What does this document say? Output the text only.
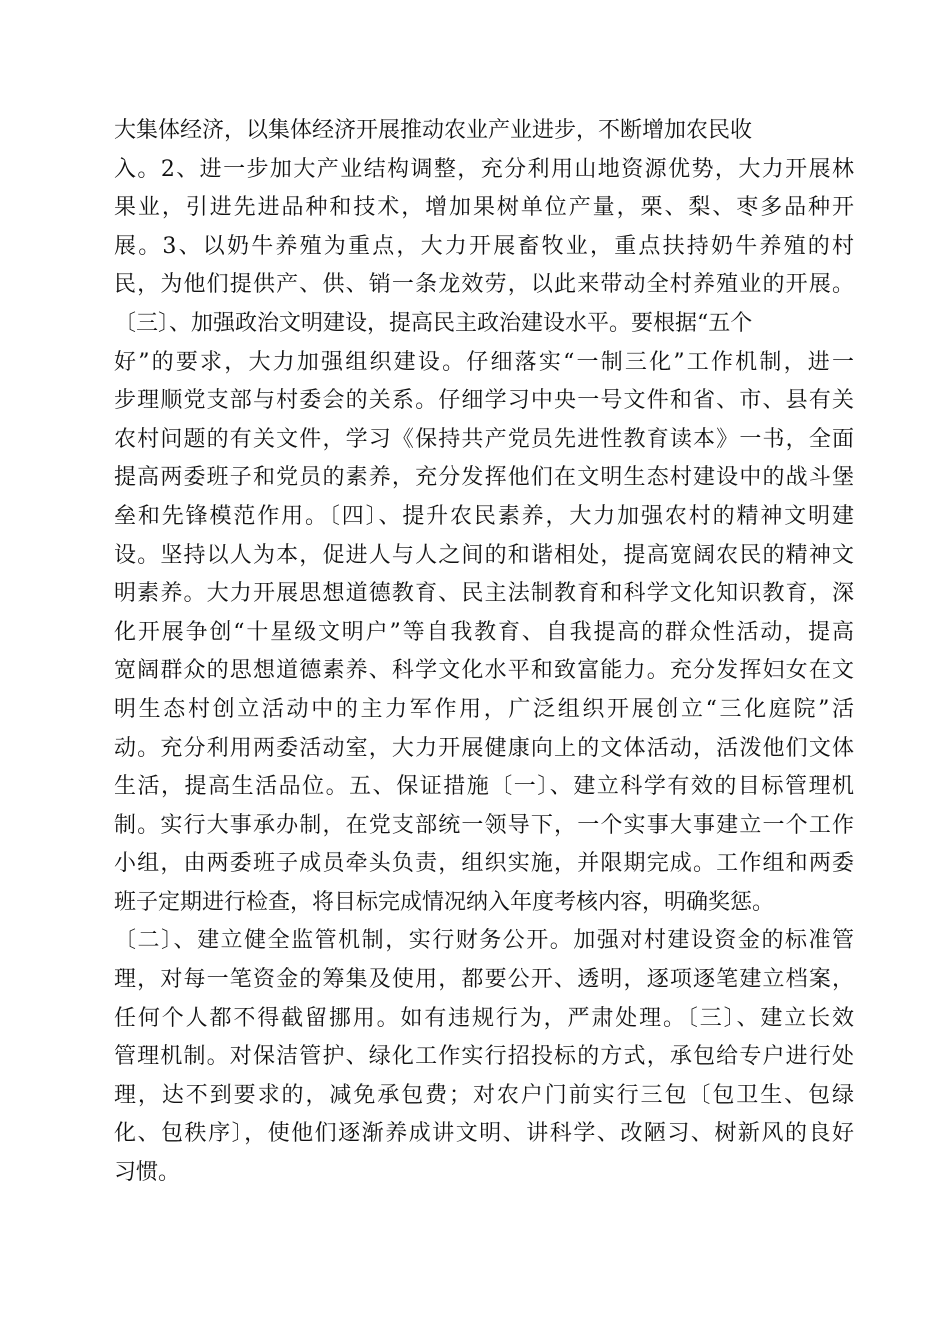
大集体经济，以集体经济开展推动农业产业进步，不断增加农民收
入。2、进一步加大产业结构调整，充分利用山地资源优势，大力开展林
果业，引进先进品种和技术，增加果树单位产量，栗、梨、枣多品种开
展。3、以奶牛养殖为重点，大力开展畜牧业，重点扶持奶牛养殖的村
民，为他们提供产、供、销一条龙效劳，以此来带动全村养殖业的开展。
〔三〕、加强政治文明建设，提高民主政治建设水平。要根据“五个
好”的要求，大力加强组织建设。仔细落实“一制三化”工作机制，进一
步理顺党支部与村委会的关系。仔细学习中央一号文件和省、市、县有关
农村问题的有关文件，学习《保持共产党员先进性教育读本》一书，全面
提高两委班子和党员的素养，充分发挥他们在文明生态村建设中的战斗堡
垒和先锋模范作用。〔四〕、提升农民素养，大力加强农村的精神文明建
设。坚持以人为本，促进人与人之间的和谐相处，提高宽阔农民的精神文
明素养。大力开展思想道德教育、民主法制教育和科学文化知识教育，深
化开展争创“十星级文明户”等自我教育、自我提高的群众性活动，提高
宽阔群众的思想道德素养、科学文化水平和致富能力。充分发挥妇女在文
明生态村创立活动中的主力军作用，广泛组织开展创立“三化庭院”活
动。充分利用两委活动室，大力开展健康向上的文体活动，活泼他们文体
生活，提高生活品位。五、保证措施〔一〕、建立科学有效的目标管理机
制。实行大事承办制，在党支部统一领导下，一个实事大事建立一个工作
小组，由两委班子成员牵头负责，组织实施，并限期完成。工作组和两委
班子定期进行检查，将目标完成情况纳入年度考核内容，明确奖惩。
〔二〕、建立健全监管机制，实行财务公开。加强对村建设资金的标准管
理，对每一笔资金的筹集及使用，都要公开、透明，逐项逐笔建立档案，
任何个人都不得截留挪用。如有违规行为，严肃处理。〔三〕、建立长效
管理机制。对保洁管护、绿化工作实行招投标的方式，承包给专户进行处
理，达不到要求的，减免承包费；对农户门前实行三包〔包卫生、包绿
化、包秩序〕，使他们逐渐养成讲文明、讲科学、改陋习、树新风的良好
习惯。
